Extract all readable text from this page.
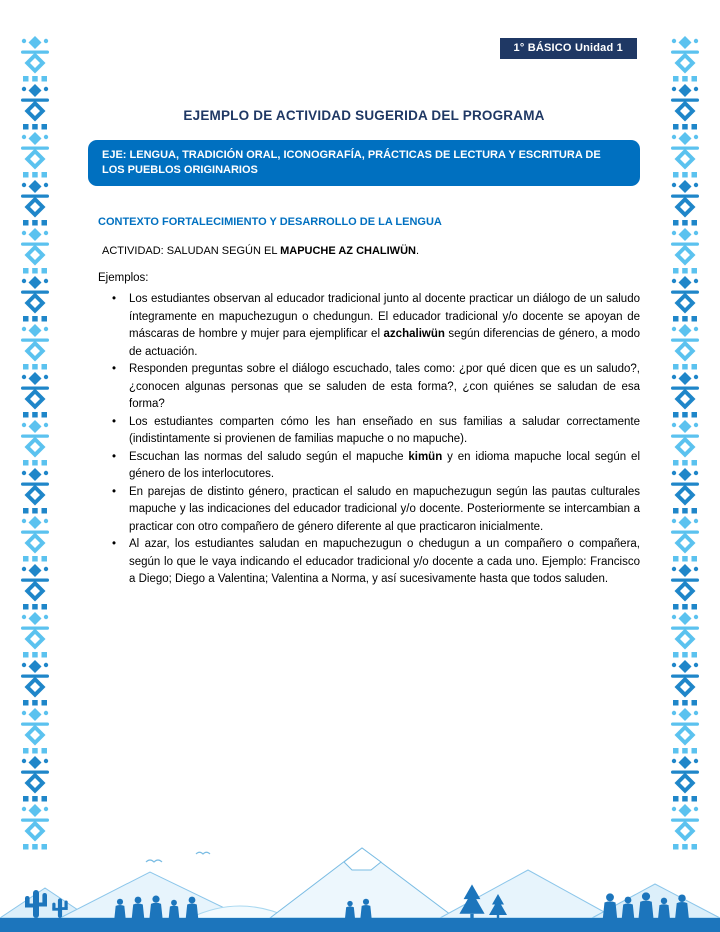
1° BÁSICO Unidad 1
EJEMPLO DE ACTIVIDAD SUGERIDA DEL PROGRAMA
EJE: LENGUA, TRADICIÓN ORAL, ICONOGRAFÍA, PRÁCTICAS DE LECTURA Y ESCRITURA DE LOS PUEBLOS ORIGINARIOS
CONTEXTO FORTALECIMIENTO Y DESARROLLO DE LA LENGUA
ACTIVIDAD: SALUDAN SEGÚN EL MAPUCHE AZ CHALIWÜN.
Ejemplos:
• Los estudiantes observan al educador tradicional junto al docente practicar un diálogo de un saludo íntegramente en mapuchezugun o chedungun. El educador tradicional y/o docente se apoyan de máscaras de hombre y mujer para ejemplificar el azchaliwün según diferencias de género, a modo de actuación.
• Responden preguntas sobre el diálogo escuchado, tales como: ¿por qué dicen que es un saludo?, ¿conocen algunas personas que se saluden de esta forma?, ¿con quiénes se saludan de esa forma?
• Los estudiantes comparten cómo les han enseñado en sus familias a saludar correctamente (indistintamente si provienen de familias mapuche o no mapuche).
• Escuchan las normas del saludo según el mapuche kimün y en idioma mapuche local según el género de los interlocutores.
• En parejas de distinto género, practican el saludo en mapuchezugun según las pautas culturales mapuche y las indicaciones del educador tradicional y/o docente. Posteriormente se intercambian a practicar con otro compañero de género diferente al que practicaron inicialmente.
• Al azar, los estudiantes saludan en mapuchezugun o chedugun a un compañero o compañera, según lo que le vaya indicando el educador tradicional y/o docente a cada uno. Ejemplo: Francisco a Diego; Diego a Valentina; Valentina a Norma, y así sucesivamente hasta que todos saluden.
